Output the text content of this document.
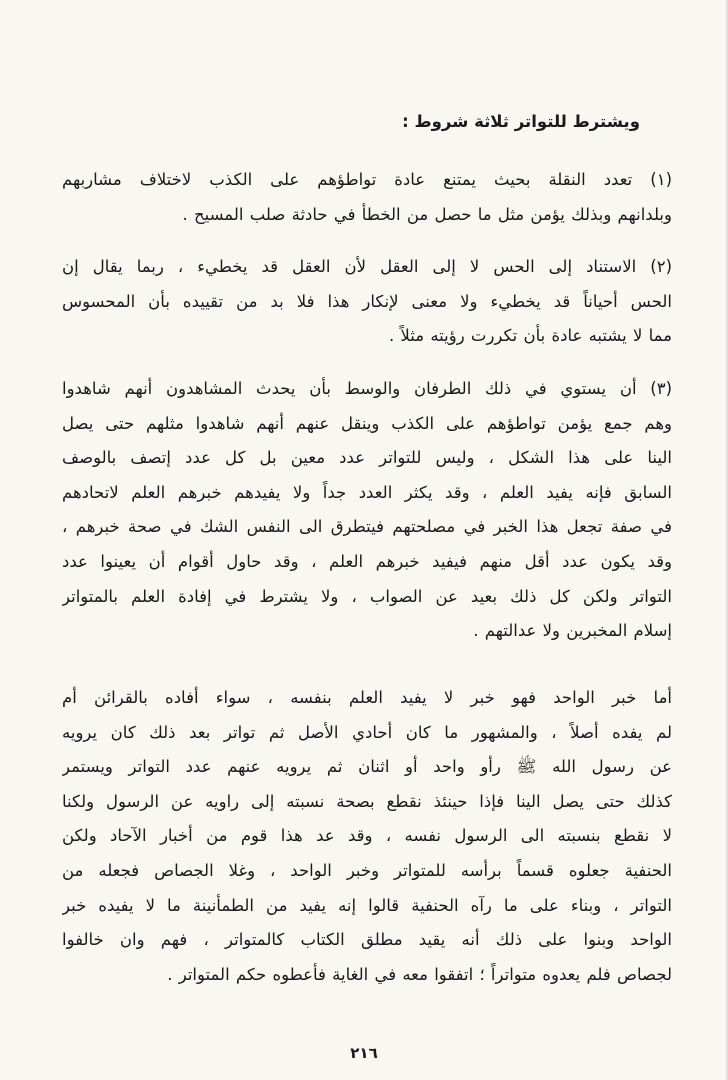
ويشترط للتواتر ثلاثة شروط :
(١) تعدد النقلة بحيث يمتنع عادة تواطؤهم على الكذب لاختلاف مشاربهم
وبلدانهم وبذلك يؤمن مثل ما حصل من الخطأ في حادثة صلب المسيح .
(٢) الاستناد إلى الحس لا إلى العقل لأن العقل قد يخطيء ، ربما يقال إن
الحس أحياناً قد يخطيء ولا معنى لإنكار هذا فلا بد من تقييده بأن المحسوس
مما لا يشتبه عادة بأن تكررت رؤيته مثلاً .
(٣) أن يستوي في ذلك الطرفان والوسط بأن يحدث المشاهدون أنهم شاهدوا
وهم جمع يؤمن تواطؤهم على الكذب وينقل عنهم أنهم شاهدوا مثلهم حتى يصل
الينا على هذا الشكل ، وليس للتواتر عدد معين بل كل عدد إتصف بالوصف
السابق فإنه يفيد العلم ، وقد يكثر العدد جداً ولا يفيدهم خبرهم العلم لاتحادهم
في صفة تجعل هذا الخبر في مصلحتهم فيتطرق الى النفس الشك في صحة خبرهم ،
وقد يكون عدد أقل منهم فيفيد خبرهم العلم ، وقد حاول أقوام أن يعينوا عدد
التواتر ولكن كل ذلك بعيد عن الصواب ، ولا يشترط في إفادة العلم بالمتواتر
إسلام المخبرين ولا عدالتهم .
أما خبر الواحد فهو خبر لا يفيد العلم بنفسه ، سواء أفاده بالقرائن أم
لم يفده أصلاً ، والمشهور ما كان أحادي الأصل ثم تواتر بعد ذلك كان يرويه
عن رسول الله ﷺ رأو واحد أو اثنان ثم يرويه عنهم عدد التواتر ويستمر
كذلك حتى يصل الينا فإذا حينئذ نقطع بصحة نسبته إلى راويه عن الرسول ولكنا
لا نقطع بنسبته الى الرسول نفسه ، وقد عد هذا قوم من أخبار الآحاد ولكن
الحنفية جعلوه قسماً برأسه للمتواتر وخبر الواحد ، وغلا الجصاص فجعله من
التواتر ، وبناء على ما رآه الحنفية قالوا إنه يفيد من الطمأنينة ما لا يفيده خبر
الواحد وبنوا على ذلك أنه يقيد مطلق الكتاب كالمتواتر ، فهم وان خالفوا
لجصاص فلم يعدوه متواتراً ؛ اتفقوا معه في الغاية فأعطوه حكم المتواتر .
٢١٦
